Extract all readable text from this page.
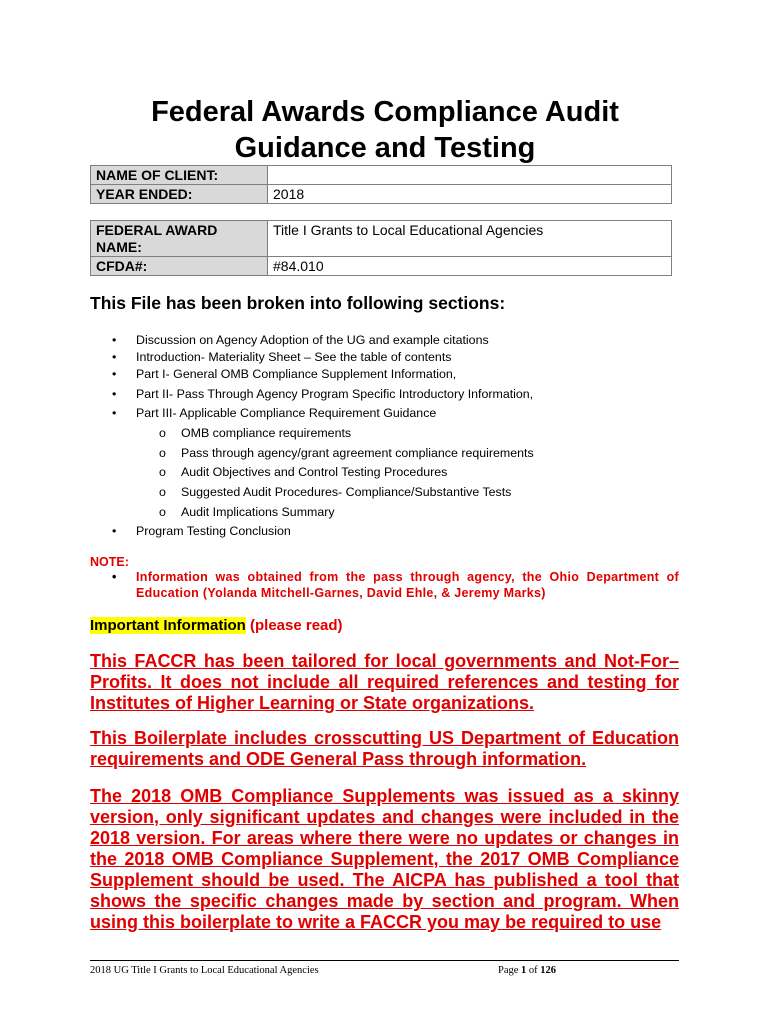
Federal Awards Compliance Audit
Guidance and Testing
NAME OF CLIENT:	
YEAR ENDED:	2018
FEDERAL AWARD NAME:	Title I Grants to Local Educational Agencies
CFDA#:	#84.010
This File has been broken into following sections:
• Discussion on Agency Adoption of the UG and example citations
• Introduction- Materiality Sheet – See the table of contents
• Part I- General OMB Compliance Supplement Information,
• Part II- Pass Through Agency Program Specific Introductory Information,
• Part III- Applicable Compliance Requirement Guidance
o OMB compliance requirements
o Pass through agency/grant agreement compliance requirements
o Audit Objectives and Control Testing Procedures
o Suggested Audit Procedures- Compliance/Substantive Tests
o Audit Implications Summary
• Program Testing Conclusion
NOTE:
• Information was obtained from the pass through agency, the Ohio Department of Education (Yolanda Mitchell-Garnes, David Ehle, & Jeremy Marks)
Important Information (please read)

This FACCR has been tailored for local governments and Not-For–Profits. It does not include all required references and testing for Institutes of Higher Learning or State organizations.

This Boilerplate includes crosscutting US Department of Education requirements and ODE General Pass through information.

The 2018 OMB Compliance Supplements was issued as a skinny version, only significant updates and changes were included in the 2018 version. For areas where there were no updates or changes in the 2018 OMB Compliance Supplement, the 2017 OMB Compliance Supplement should be used. The AICPA has published a tool that shows the specific changes made by section and program. When using this boilerplate to write a FACCR you may be required to use

2018 UG Title I Grants to Local Educational Agencies	Page 1 of 126
